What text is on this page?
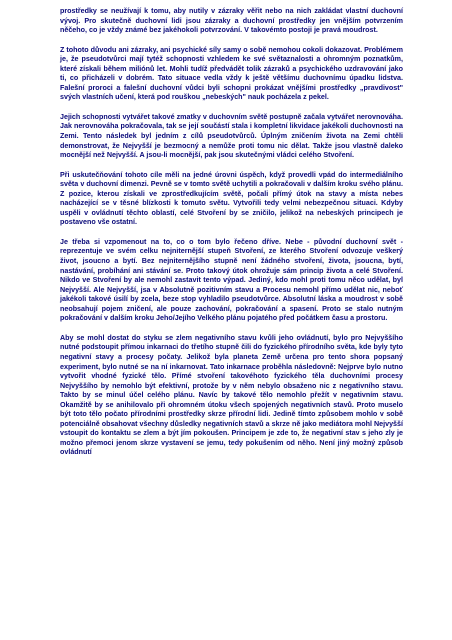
prostředky se neužívají k tomu, aby nutily v zázraky věřit nebo na nich zakládat vlastní duchovní vývoj. Pro skutečně duchovní lidi jsou zázraky a duchovní prostředky jen vnějším potvrzením něčeho, co je vždy známé bez jakéhokoli potvrzování. V takovémto postoji je pravá moudrost.

Z tohoto důvodu ani zázraky, ani psychické síly samy o sobě nemohou cokoli dokazovat. Problémem je, že pseudotvůrci mají tytéž schopnosti vzhledem ke své světaznalosti a ohromným poznatkům, které získali během miliónů let. Mohli tudíž předvádět tolik zázraků a psychického uzdravování jako ti, co přicházeli v dobrém. Tato situace vedla vždy k ještě většímu duchovnímu úpadku lidstva. Falešní proroci a falešní duchovní vůdci byli schopni prokázat vnějšími prostředky „pravdivost" svých vlastních učení, která pod rouškou „nebeských" nauk pocházela z pekel.

Jejich schopnosti vytvářet takové zmatky v duchovním světě postupně začala vytvářet nerovnováha. Jak nerovnováha pokračovala, tak se její součástí stala i kompletní likvidace jakékoli duchovnosti na Zemi. Tento následek byl jedním z cílů pseudotvůrců. Úplným zničením života na Zemi chtěli demonstrovat, že Nejvyšší je bezmocný a nemůže proti tomu nic dělat. Takže jsou vlastně daleko mocnější než Nejvyšší. A jsou-li mocnější, pak jsou skutečnými vládci celého Stvoření.

Při uskutečňování tohoto cíle měli na jedné úrovni úspěch, když provedli vpád do intermediálního světa v duchovní dimenzi. Pevně se v tomto světě uchytili a pokračovali v dalším kroku svého plánu. Z pozice, kterou získali ve zprostředkujícím světě, počali přímý útok na stavy a místa nebes nacházející se v těsné blízkosti k tomuto světu. Vytvořili tedy velmi nebezpečnou situaci. Kdyby uspěli v ovládnutí těchto oblastí, celé Stvoření by se zničilo, jelikož na nebeských principech je postaveno vše ostatní.

Je třeba si vzpomenout na to, co o tom bylo řečeno dříve. Nebe - původní duchovní svět - reprezentuje ve svém celku nejniternější stupeň Stvoření, ze kterého Stvoření odvozuje veškerý život, jsoucno a bytí. Bez nejniternějšího stupně není žádného stvoření, života, jsoucna, bytí, nastávání, probíhání ani stávání se. Proto takový útok ohrožuje sám princip života a celé Stvoření. Nikdo ve Stvoření by ale nemohl zastavit tento výpad. Jediný, kdo mohl proti tomu něco udělat, byl Nejvyšší. Ale Nejvyšší, jsa v Absolutně pozitivním stavu a Procesu nemohl přímo udělat nic, neboť jakékoli takové úsilí by zcela, beze stop vyhladilo pseudotvůrce. Absolutní láska a moudrost v sobě neobsahují pojem zničení, ale pouze zachování, pokračování a spasení. Proto se stalo nutným pokračování v dalším kroku Jeho/Jejího Velkého plánu pojatého před počátkem času a prostoru.

Aby se mohl dostat do styku se zlem negativního stavu kvůli jeho ovládnutí, bylo pro Nejvyššího nutné podstoupit přímou inkarnaci do třetího stupně čili do fyzického přírodního světa, kde byly tyto negativní stavy a procesy počaty. Jelikož byla planeta Země určena pro tento shora popsaný experiment, bylo nutné se na ní inkarnovat. Tato inkarnace proběhla následovně: Nejprve bylo nutno vytvořit vhodné fyzické tělo. Přímé stvoření takovéhoto fyzického těla duchovními procesy Nejvyššího by nemohlo být efektivní, protože by v něm nebylo obsaženo nic z negativního stavu. Takto by se minul účel celého plánu. Navíc by takové tělo nemohlo přežít v negativním stavu. Okamžitě by se anihilovalo při ohromném útoku všech spojených negativních stavů. Proto muselo být toto tělo počato přírodními prostředky skrze přírodní lidi. Jedině tímto způsobem mohlo v sobě potenciálně obsahovat všechny důsledky negativních stavů a skrze ně jako mediátora mohl Nejvyšší vstoupit do kontaktu se zlem a být jím pokoušen. Principem je zde to, že negativní stav s jeho zly je možno přemoci jenom skrze vystavení se jemu, tedy pokušením od něho. Není jiný možný způsob ovládnutí
